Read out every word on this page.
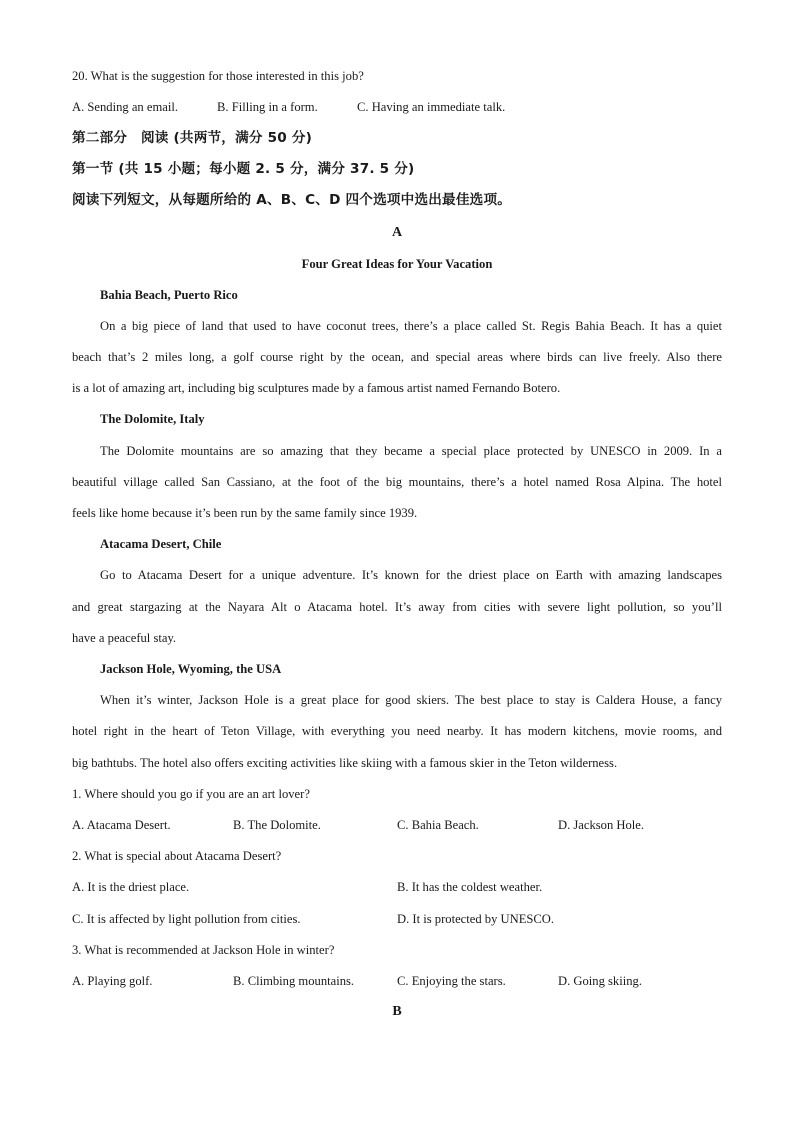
20. What is the suggestion for those interested in this job?
A. Sending an email.	B. Filling in a form.	C. Having an immediate talk.
第二部分　阅读 (共两节，满分 50 分)
第一节 (共 15 小题；每小题 2. 5 分，满分 37. 5 分)
阅读下列短文，从每题所给的 A、B、C、D 四个选项中选出最佳选项。
A
Four Great Ideas for Your Vacation
Bahia Beach, Puerto Rico
On a big piece of land that used to have coconut trees, there’s a place called St. Regis Bahia Beach. It has a quiet
beach that’s 2 miles long, a golf course right by the ocean, and special areas where birds can live freely. Also there
is a lot of amazing art, including big sculptures made by a famous artist named Fernando Botero.
The Dolomite, Italy
The Dolomite mountains are so amazing that they became a special place protected by UNESCO in 2009. In a
beautiful village called San Cassiano, at the foot of the big mountains, there’s a hotel named Rosa Alpina. The hotel
feels like home because it’s been run by the same family since 1939.
Atacama Desert, Chile
Go to Atacama Desert for a unique adventure. It’s known for the driest place on Earth with amazing landscapes
and great stargazing at the Nayara Alt o Atacama hotel. It’s away from cities with severe light pollution, so you’ll
have a peaceful stay.
Jackson Hole, Wyoming, the USA
When it’s winter, Jackson Hole is a great place for good skiers. The best place to stay is Caldera House, a fancy
hotel right in the heart of Teton Village, with everything you need nearby. It has modern kitchens, movie rooms, and
big bathtubs. The hotel also offers exciting activities like skiing with a famous skier in the Teton wilderness.
1. Where should you go if you are an art lover?
A. Atacama Desert.	B. The Dolomite.	C. Bahia Beach.	D. Jackson Hole.
2. What is special about Atacama Desert?
A. It is the driest place.	B. It has the coldest weather.
C. It is affected by light pollution from cities.	D. It is protected by UNESCO.
3. What is recommended at Jackson Hole in winter?
A. Playing golf.	B. Climbing mountains.	C. Enjoying the stars.	D. Going skiing.
B
